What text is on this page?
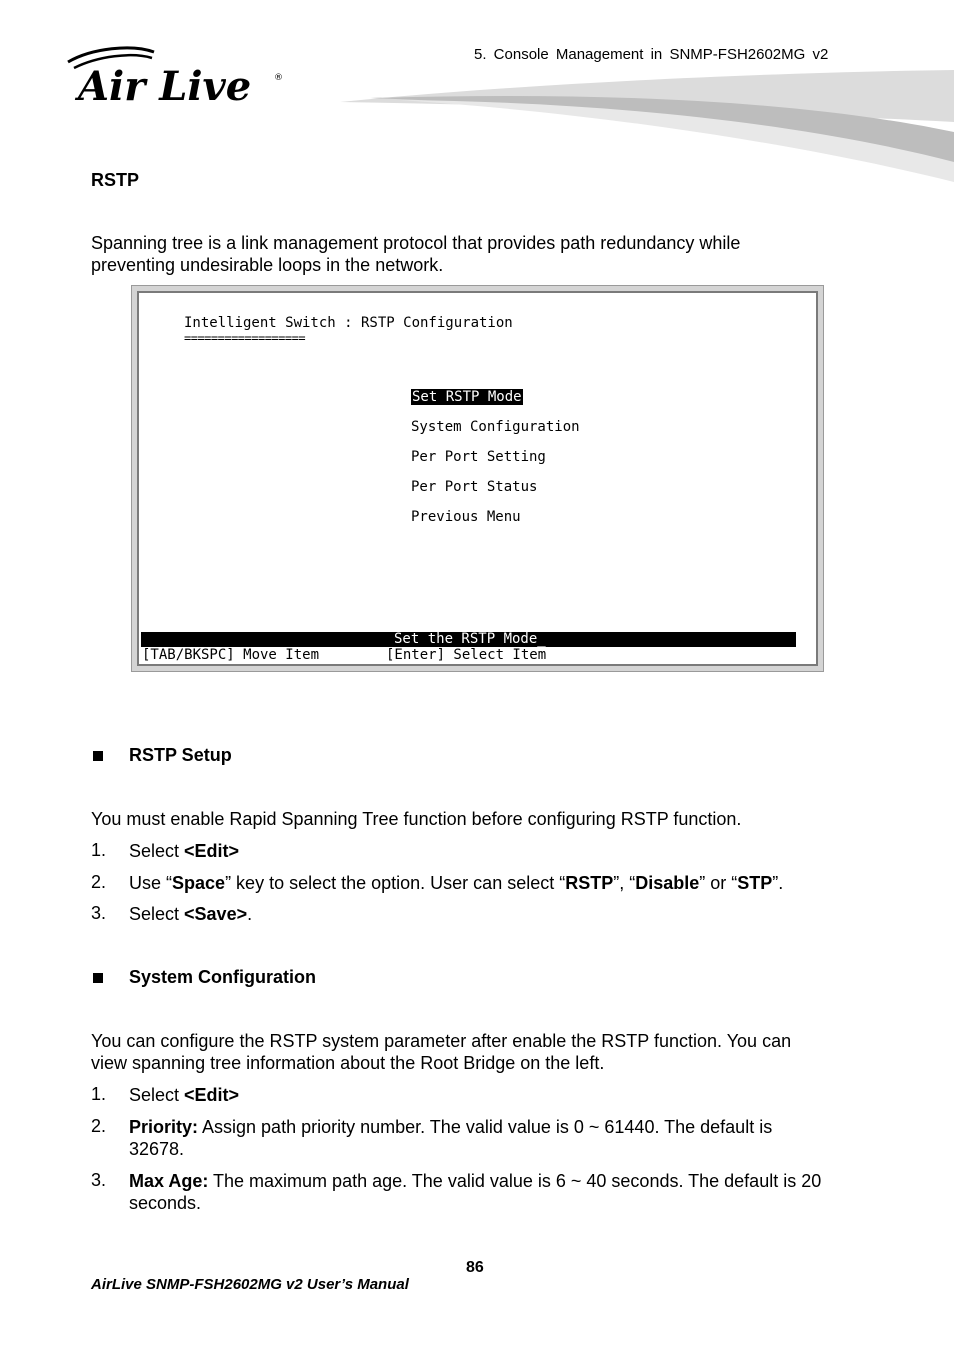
5. Console Management in SNMP-FSH2602MG v2
Air Live	®
RSTP
Spanning tree is a link management protocol that provides path redundancy while
preventing undesirable loops in the network.
Intelligent Switch : RSTP Configuration
==================
Set RSTP Mode
System Configuration
Per Port Setting
Per Port Status
Previous Menu
Set the RSTP Mode_
[TAB/BKSPC] Move Item	[Enter] Select Item
RSTP Setup
You must enable Rapid Spanning Tree function before configuring RSTP function.
1. Select <Edit>
2. Use “Space” key to select the option. User can select “RSTP”, “Disable” or “STP”.
3. Select <Save>.
System Configuration
You can configure the RSTP system parameter after enable the RSTP function. You can
view spanning tree information about the Root Bridge on the left.
1. Select <Edit>
2. Priority: Assign path priority number. The valid value is 0 ~ 61440. The default is
32678.
3. Max Age: The maximum path age. The valid value is 6 ~ 40 seconds. The default is 20
seconds.
86
AirLive SNMP-FSH2602MG v2 User’s Manual
